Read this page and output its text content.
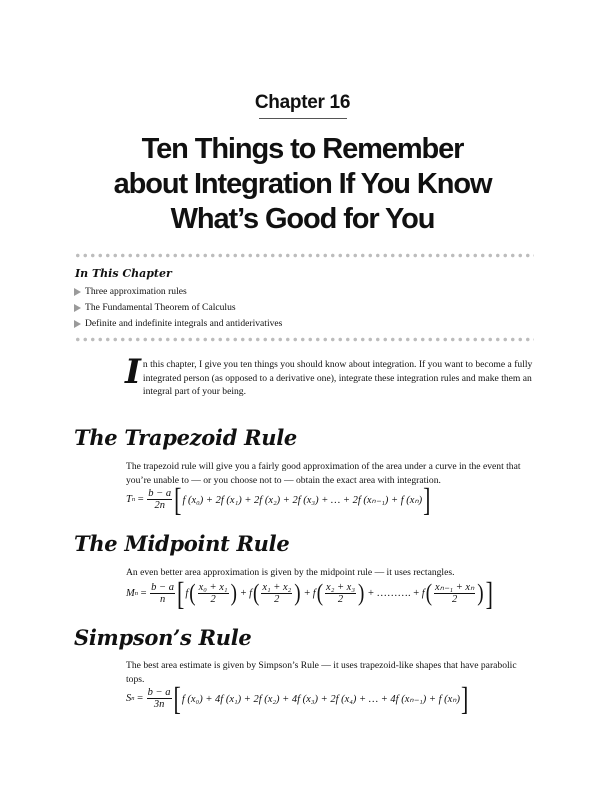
Chapter 16
Ten Things to Remember
about Integration If You Know
What’s Good for You
In This Chapter
Three approximation rules
The Fundamental Theorem of Calculus
Definite and indefinite integrals and antiderivatives
In this chapter, I give you ten things you should know about integration. If you want to become a fully integrated person (as opposed to a derivative one), integrate these integration rules and make them an integral part of your being.
The Trapezoid Rule
The trapezoid rule will give you a fairly good approximation of the area under a curve in the event that you’re unable to — or you choose not to — obtain the exact area with integration.
T $n = \frac{b - a}{2n}$ [ f (x₀) + 2f (x₁) + 2f (x₂) + 2f (x₃) + … + 2f (xₙ₋₁) + f (xₙ) ]
The Midpoint Rule
An even better area approximation is given by the midpoint rule — it uses rectangles.
M $n = \frac{b - a}{n}$ [ f ( $\frac{\text{x₀ + x₁}}{2}$ ) + f ( $\frac{\text{x₁ + x₂}}{2}$ ) + f ( $\frac{\text{x₂ + x₃}}{2}$ )
+ ………. +
f ( $\frac{\text{xₙ₋₁ + xₙ}}{2}$ ) ]
Simpson’s Rule
The best area estimate is given by Simpson’s Rule — it uses trapezoid-like shapes that have parabolic tops.
S $n = \frac{b - a}{3n}$ [ f (x₀) + 4f (x₁) + 2f (x₂) + 4f (x₃) + 2f (x₄) + … + 4f (xₙ₋₁) + f (xₙ) ]
